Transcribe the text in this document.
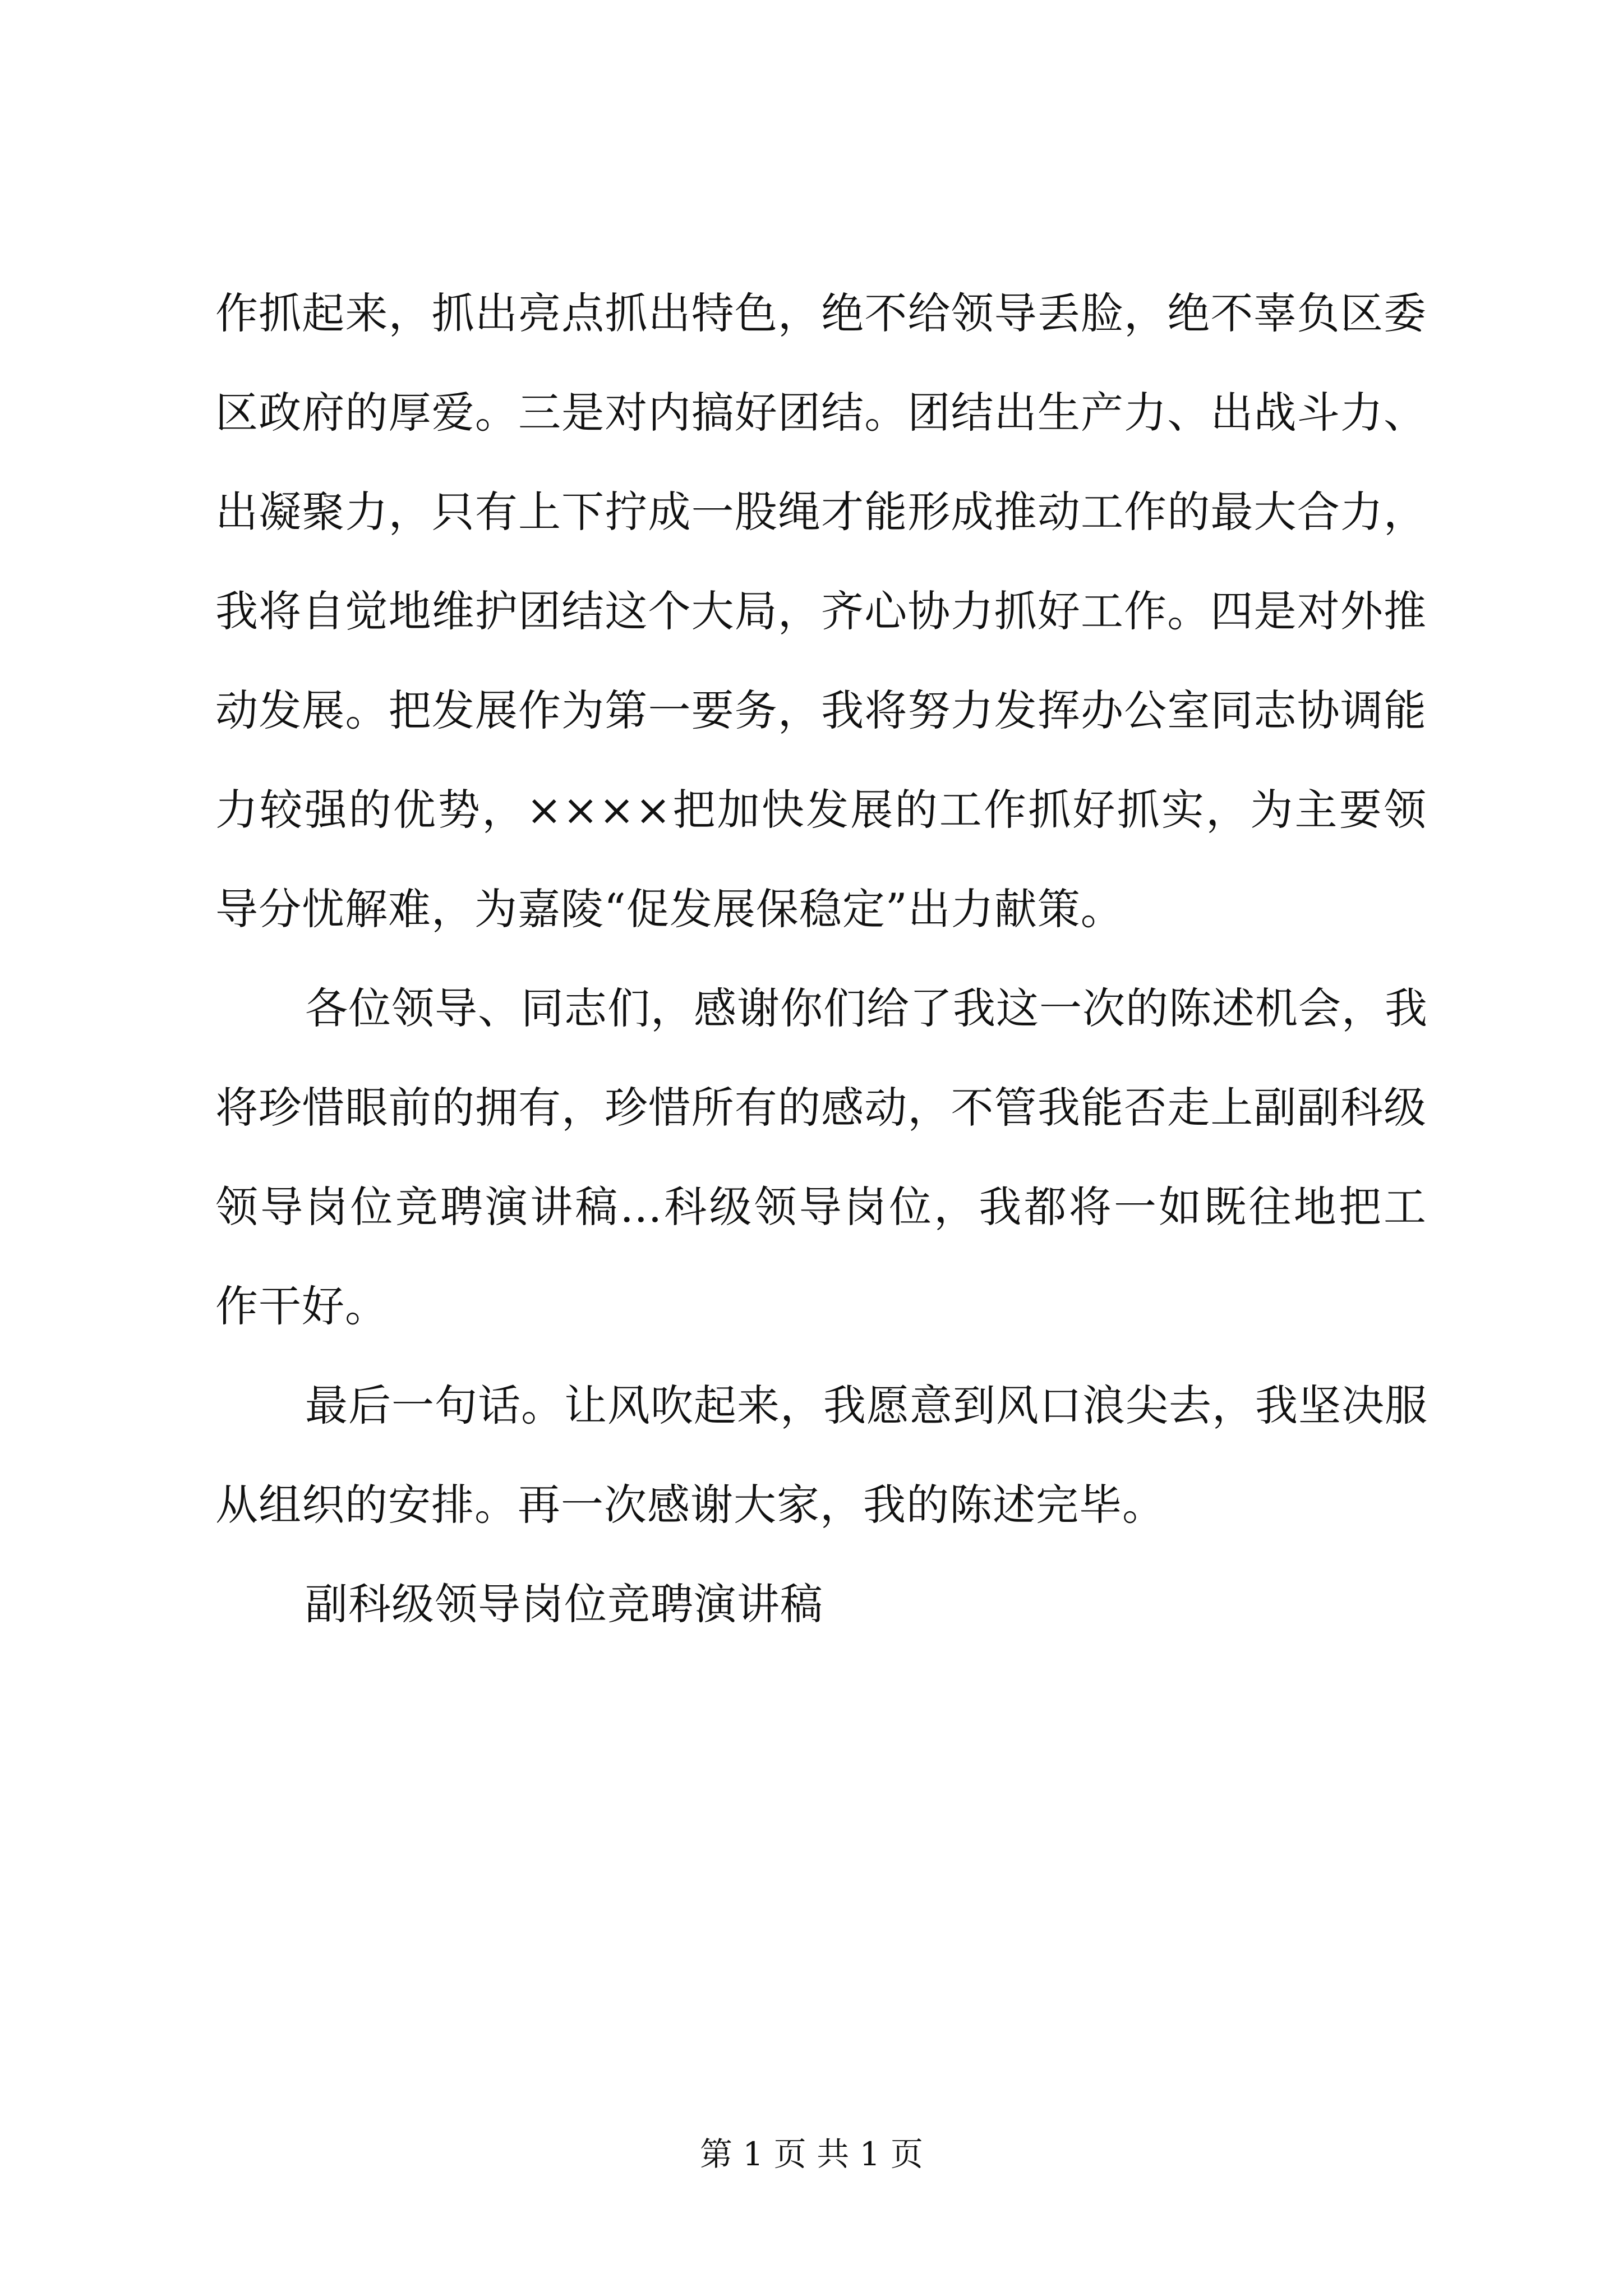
作抓起来，抓出亮点抓出特色，绝不给领导丢脸，绝不辜负区委
区政府的厚爱。三是对内搞好团结。团结出生产力、出战斗力、
出凝聚力，只有上下拧成一股绳才能形成推动工作的最大合力，
我将自觉地维护团结这个大局，齐心协力抓好工作。四是对外推
动发展。把发展作为第一要务，我将努力发挥办公室同志协调能
力较强的优势，××××把加快发展的工作抓好抓实，为主要领
导分忧解难，为嘉陵“促发展保稳定”出力献策。
各位领导、同志们，感谢你们给了我这一次的陈述机会，我
将珍惜眼前的拥有，珍惜所有的感动，不管我能否走上副副科级
领导岗位竞聘演讲稿...科级领导岗位，我都将一如既往地把工
作干好。
最后一句话。让风吹起来，我愿意到风口浪尖去，我坚决服
从组织的安排。再一次感谢大家，我的陈述完毕。
副科级领导岗位竞聘演讲稿
第 1 页 共 1 页
